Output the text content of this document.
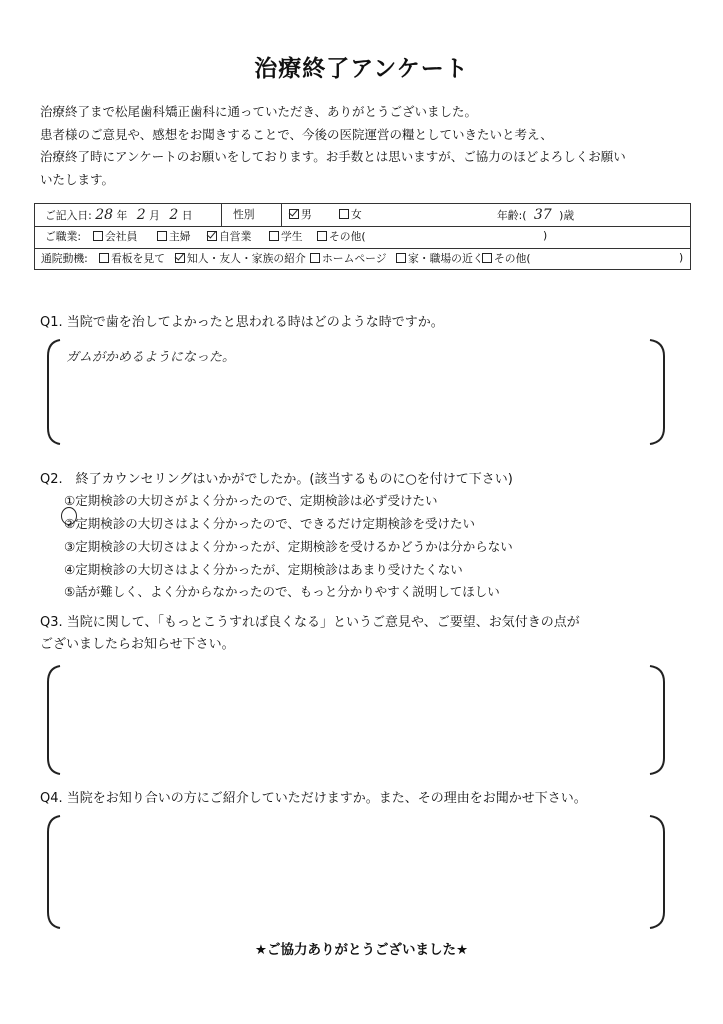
治療終了アンケート
治療終了まで松尾歯科矯正歯科に通っていただき、ありがとうございました。
患者様のご意見や、感想をお聞きすることで、今後の医院運営の糧としていきたいと考え、
治療終了時にアンケートのお願いをしております。お手数とは思いますが、ご協力のほどよろしくお願い
いたします。
ご記入日: 28 年 2 月 2 日	性別	男	女	年齢:( 37 )歳
ご職業:	会社員	主婦	自営業	学生	その他(	)
通院動機:	看板を見て	知人・友人・家族の紹介	ホームページ	家・職場の近く その他(	)
Q1. 当院で歯を治してよかったと思われる時はどのような時ですか。
ガムがかめるようになった。
Q2.　終了カウンセリングはいかがでしたか。(該当するものに○を付けて下さい)
①定期検診の大切さがよく分かったので、定期検診は必ず受けたい
②定期検診の大切さはよく分かったので、できるだけ定期検診を受けたい
③定期検診の大切さはよく分かったが、定期検診を受けるかどうかは分からない
④定期検診の大切さはよく分かったが、定期検診はあまり受けたくない
⑤話が難しく、よく分からなかったので、もっと分かりやすく説明してほしい
Q3. 当院に関して、「もっとこうすれば良くなる」というご意見や、ご要望、お気付きの点が
ございましたらお知らせ下さい。
Q4. 当院をお知り合いの方にご紹介していただけますか。また、その理由をお聞かせ下さい。
★ご協力ありがとうございました★
